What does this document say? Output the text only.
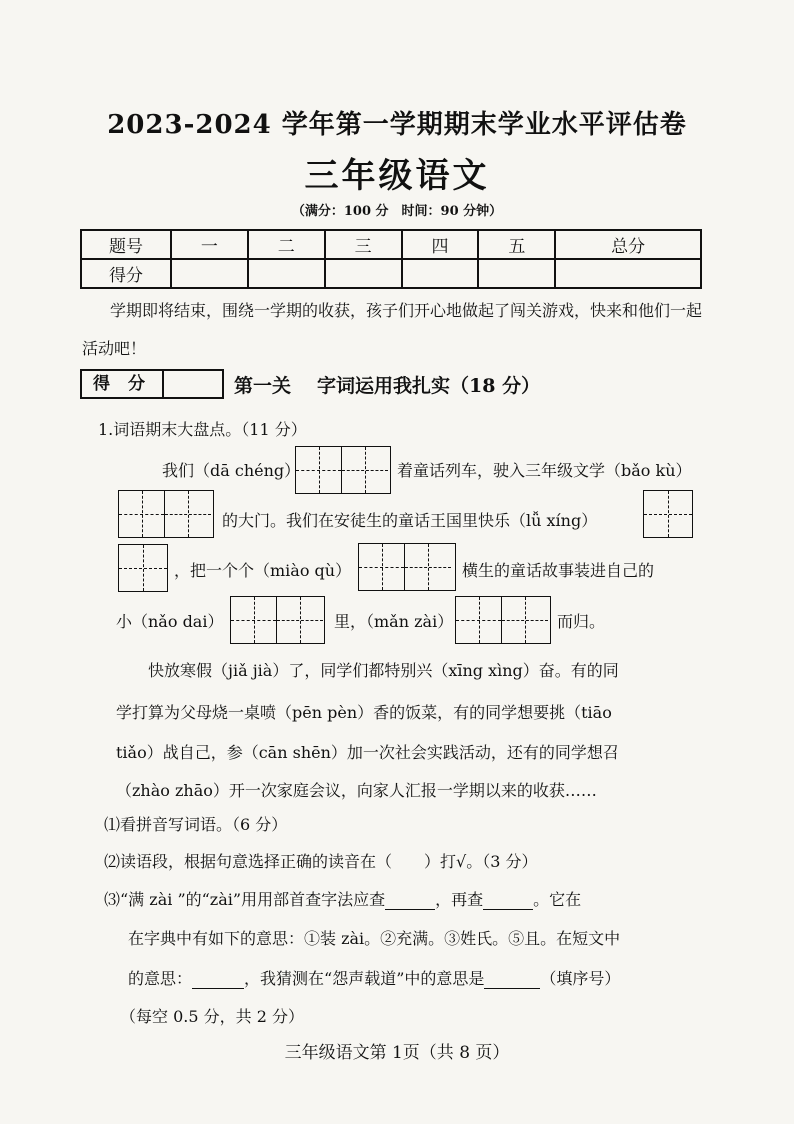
2023-2024 学年第一学期期末学业水平评估卷
三年级语文
（满分：100 分　时间：90 分钟）
题号	一	二	三	四	五	总分
得分						
学期即将结束，围绕一学期的收获，孩子们开心地做起了闯关游戏，快来和他们一起活动吧！
得 分	第一关 字词运用我扎实（18 分）
1.词语期末大盘点。（11 分）
我们（dā chéng）	着童话列车，驶入三年级文学（bǎo kù）
的大门。我们在安徒生的童话王国里快乐（lǚ xíng）
，把一个个（miào qù）	横生的童话故事装进自己的
小（nǎo dai）	里，（mǎn zài）	而归。
快放寒假（jiǎ jià）了，同学们都特别兴（xīng xìng）奋。有的同
学打算为父母烧一桌喷（pēn pèn）香的饭菜，有的同学想要挑（tiāo
tiǎo）战自己，参（cān shēn）加一次社会实践活动，还有的同学想召
（zhào zhāo）开一次家庭会议，向家人汇报一学期以来的收获……
⑴看拼音写词语。（6 分）
⑵读语段，根据句意选择正确的读音在（　　）打√。（3 分）
⑶“满 zài ”的“zài”用用部首查字法应查	，再查	。它在
在字典中有如下的意思：①装 zài。②充满。③姓氏。⑤且。在短文中
的意思：	，我猜测在“怨声载道”中的意思是	（填序号）
（每空 0.5 分，共 2 分）
三年级语文第 1页（共 8 页）
